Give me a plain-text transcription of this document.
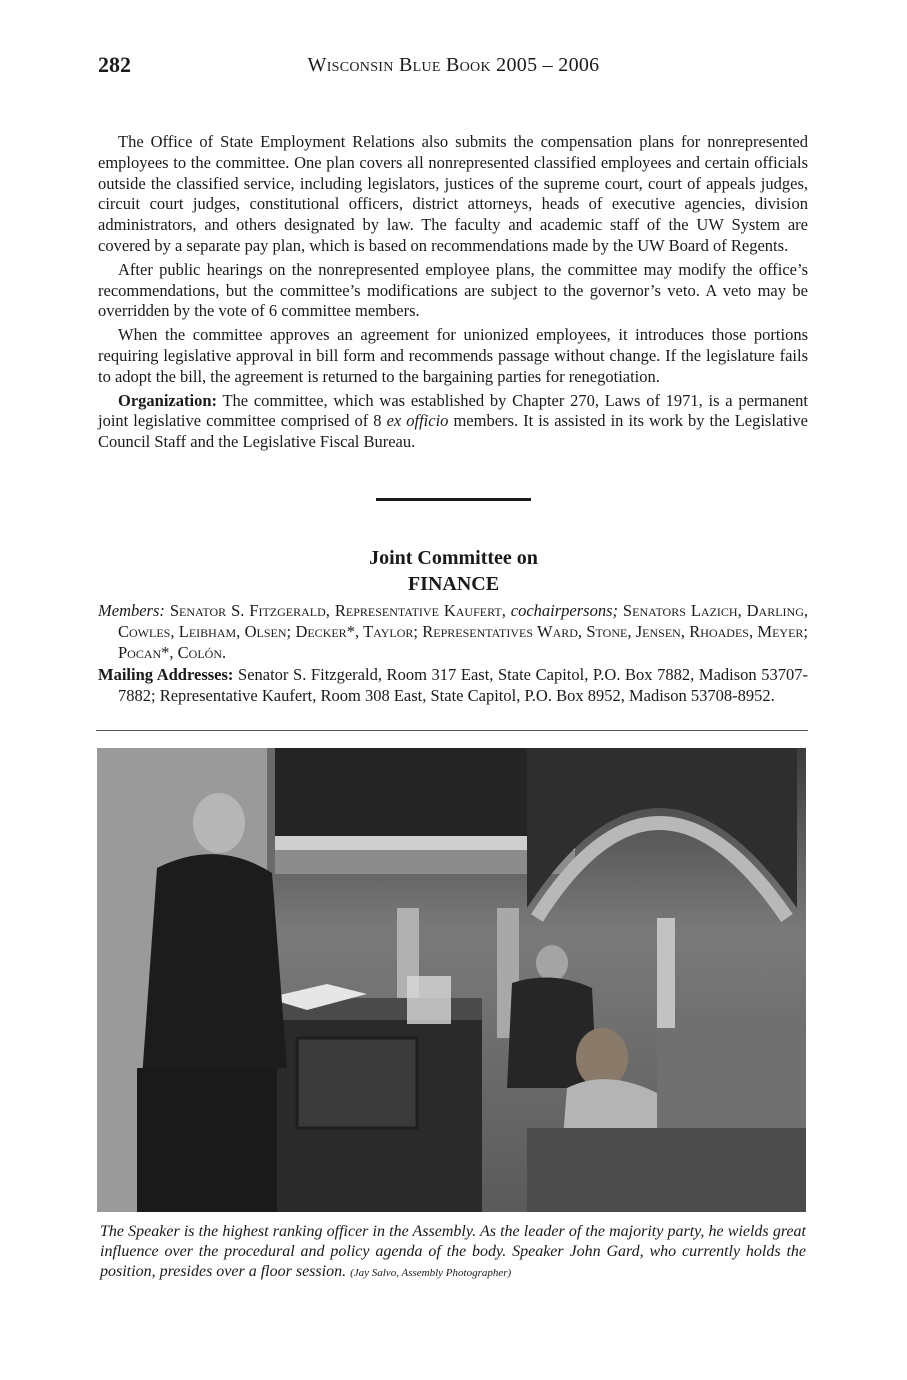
282	Wisconsin Blue Book 2005 – 2006

The Office of State Employment Relations also submits the compensation plans for nonrepresented employees to the committee. One plan covers all nonrepresented classified employees and certain officials outside the classified service, including legislators, justices of the supreme court, court of appeals judges, circuit court judges, constitutional officers, district attorneys, heads of executive agencies, division administrators, and others designated by law. The faculty and academic staff of the UW System are covered by a separate pay plan, which is based on recommendations made by the UW Board of Regents.

After public hearings on the nonrepresented employee plans, the committee may modify the office’s recommendations, but the committee’s modifications are subject to the governor’s veto. A veto may be overridden by the vote of 6 committee members.

When the committee approves an agreement for unionized employees, it introduces those portions requiring legislative approval in bill form and recommends passage without change. If the legislature fails to adopt the bill, the agreement is returned to the bargaining parties for renegotiation.

Organization: The committee, which was established by Chapter 270, Laws of 1971, is a permanent joint legislative committee comprised of 8 ex officio members. It is assisted in its work by the Legislative Council Staff and the Legislative Fiscal Bureau.

Joint Committee on
FINANCE
Members: Senator S. Fitzgerald, Representative Kaufert, cochairpersons; Senators Lazich, Darling, Cowles, Leibham, Olsen; Decker*, Taylor; Representatives Ward, Stone, Jensen, Rhoades, Meyer; Pocan*, Colón.
Mailing Addresses: Senator S. Fitzgerald, Room 317 East, State Capitol, P.O. Box 7882, Madison 53707-7882; Representative Kaufert, Room 308 East, State Capitol, P.O. Box 8952, Madison 53708-8952.
The Speaker is the highest ranking officer in the Assembly. As the leader of the majority party, he wields great influence over the procedural and policy agenda of the body. Speaker John Gard, who currently holds the position, presides over a floor session. (Jay Salvo, Assembly Photographer)
